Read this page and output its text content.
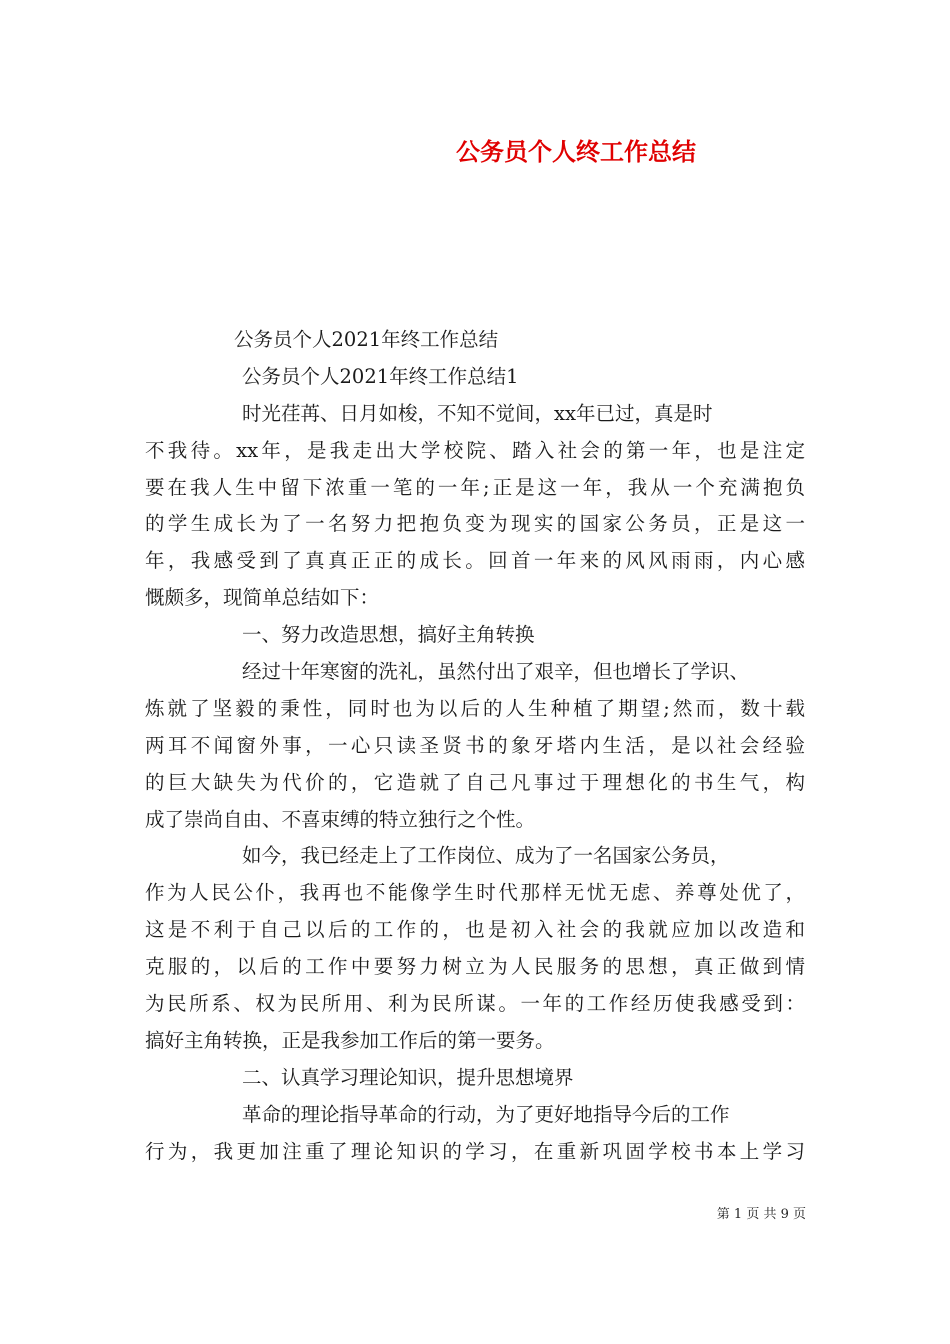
公务员个人终工作总结
公务员个人2021年终工作总结
公务员个人2021年终工作总结1
时光荏苒、日月如梭，不知不觉间，xx年已过，真是时
不我待。xx年，是我走出大学校院、踏入社会的第一年，也是注定
要在我人生中留下浓重一笔的一年;正是这一年，我从一个充满抱负
的学生成长为了一名努力把抱负变为现实的国家公务员，正是这一
年，我感受到了真真正正的成长。回首一年来的风风雨雨，内心感
慨颇多，现简单总结如下：
一、努力改造思想，搞好主角转换
经过十年寒窗的洗礼，虽然付出了艰辛，但也增长了学识、
炼就了坚毅的秉性，同时也为以后的人生种植了期望;然而，数十载
两耳不闻窗外事，一心只读圣贤书的象牙塔内生活，是以社会经验
的巨大缺失为代价的，它造就了自己凡事过于理想化的书生气，构
成了崇尚自由、不喜束缚的特立独行之个性。
如今，我已经走上了工作岗位、成为了一名国家公务员，
作为人民公仆，我再也不能像学生时代那样无忧无虑、养尊处优了，
这是不利于自己以后的工作的，也是初入社会的我就应加以改造和
克服的，以后的工作中要努力树立为人民服务的思想，真正做到情
为民所系、权为民所用、利为民所谋。一年的工作经历使我感受到：
搞好主角转换，正是我参加工作后的第一要务。
二、认真学习理论知识，提升思想境界
革命的理论指导革命的行动，为了更好地指导今后的工作
行为，我更加注重了理论知识的学习，在重新巩固学校书本上学习
第 1 页 共 9 页
